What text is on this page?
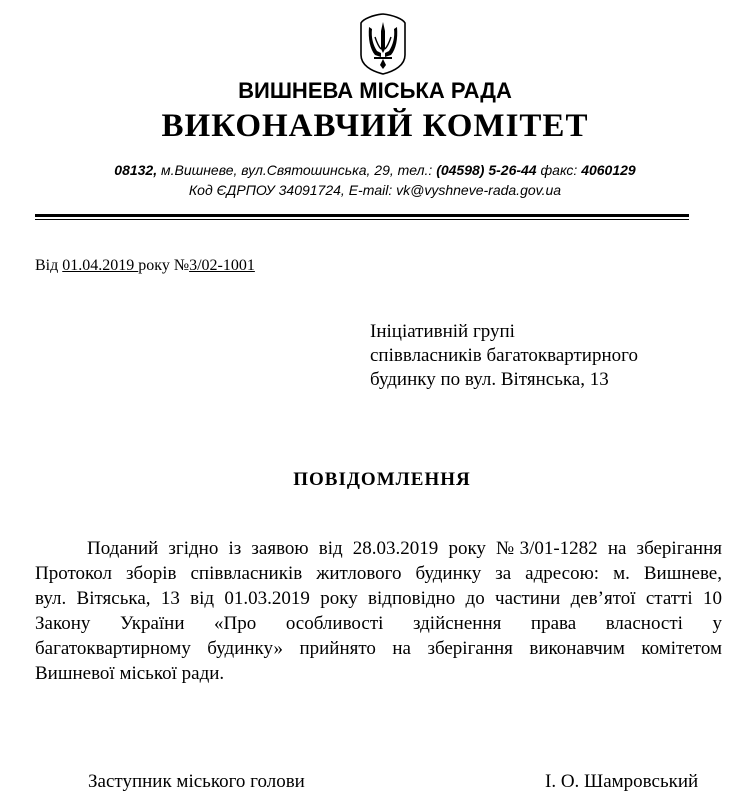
ВИШНЕВА МІСЬКА РАДА
ВИКОНАВЧИЙ КОМІТЕТ
08132, м.Вишневе, вул.Святошинська, 29, тел.: (04598) 5-26-44 факс: 4060129
Код ЄДРПОУ 34091724, E-mail: vk@vyshneve-rada.gov.ua
Від 01.04.2019 року №3/02-1001
Ініціативній групі
співвласників багатоквартирного
будинку по вул. Вітянська, 13
ПОВІДОМЛЕННЯ
Поданий згідно із заявою від 28.03.2019 року №3/01-1282 на зберігання
Протокол зборів співвласників житлового будинку за адресою: м. Вишневе,
вул. Вітяська, 13 від 01.03.2019 року відповідно до частини дев’ятої статті 10
Закону України «Про особливості здійснення права власності у
багатоквартирному будинку» прийнято на зберігання виконавчим комітетом
Вишневої міської ради.
Заступник міського голови	І. О. Шамровський
